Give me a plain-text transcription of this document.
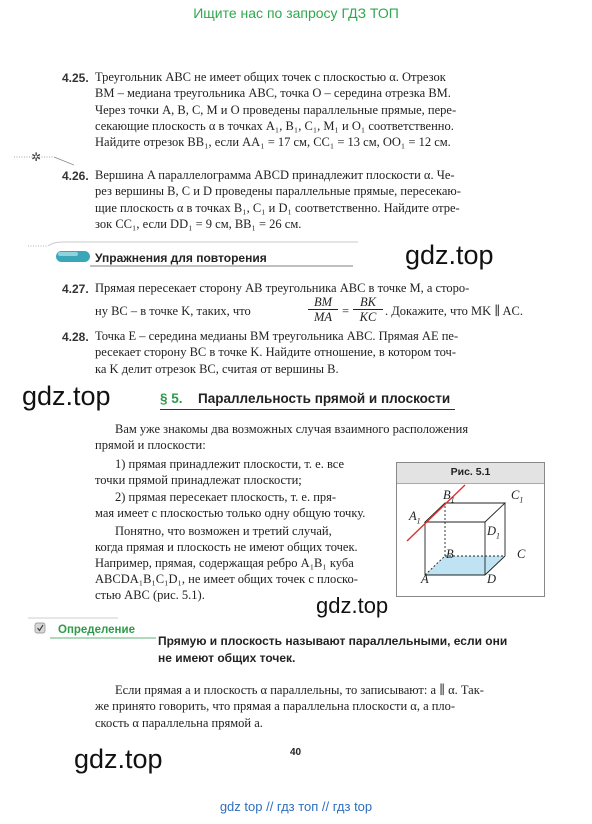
Ищите нас по запросу ГДЗ ТОП
4.25. Треугольник ABC не имеет общих точек с плоскостью α. Отрезок
BM – медиана треугольника ABC, точка O – середина отрезка BM.
Через точки A, B, C, M и O проведены параллельные прямые, пере-
секающие плоскость α в точках A₁, B₁, C₁, M₁ и O₁ соответственно.
Найдите отрезок BB₁, если AA₁ = 17 см, CC₁ = 13 см, OO₁ = 12 см.
✲
4.26. Вершина A параллелограмма ABCD принадлежит плоскости α. Че-
рез вершины B, C и D проведены параллельные прямые, пересекаю-
щие плоскость α в точках B₁, C₁ и D₁ соответственно. Найдите отре-
зок CC₁, если DD₁ = 9 см, BB₁ = 26 см.
Упражнения для повторения	gdz.top
4.27. Прямая пересекает сторону AB треугольника ABC в точке M, а сторо-
ну BC – в точке K, таких, что
BM
MA =
BK
KC . Докажите, что MK ∥ AC.
4.28. Точка E – середина медианы BM треугольника ABC. Прямая AE пе-
ресекает сторону BC в точке K. Найдите отношение, в котором точ-
ка K делит отрезок BC, считая от вершины B.
gdz.top	§ 5. Параллельность прямой и плоскости
Вам уже знакомы два возможных случая взаимного расположения
прямой и плоскости:
1) прямая принадлежит плоскости, т. е. все
точки прямой принадлежат плоскости;
2) прямая пересекает плоскость, т. е. пря-
мая имеет с плоскостью только одну общую точку.
Понятно, что возможен и третий случай,
когда прямая и плоскость не имеют общих точек.
Например, прямая, содержащая ребро A₁B₁ куба
ABCDA₁B₁C₁D₁, не имеет общих точек с плоско-
стью ABC (рис. 5.1).
Рис. 5.1
A	D
C
B
$A_1$
$B_1$	$C_1$
$D_1$
gdz.top
Определение
Прямую и плоскость называют параллельными, если они
не имеют общих точек.
Если прямая a и плоскость α параллельны, то записывают: a ∥ α. Так-
же принято говорить, что прямая a параллельна плоскости α, а пло-
скость α параллельна прямой a.
40
gdz.top
gdz top // гдз топ // гдз top
